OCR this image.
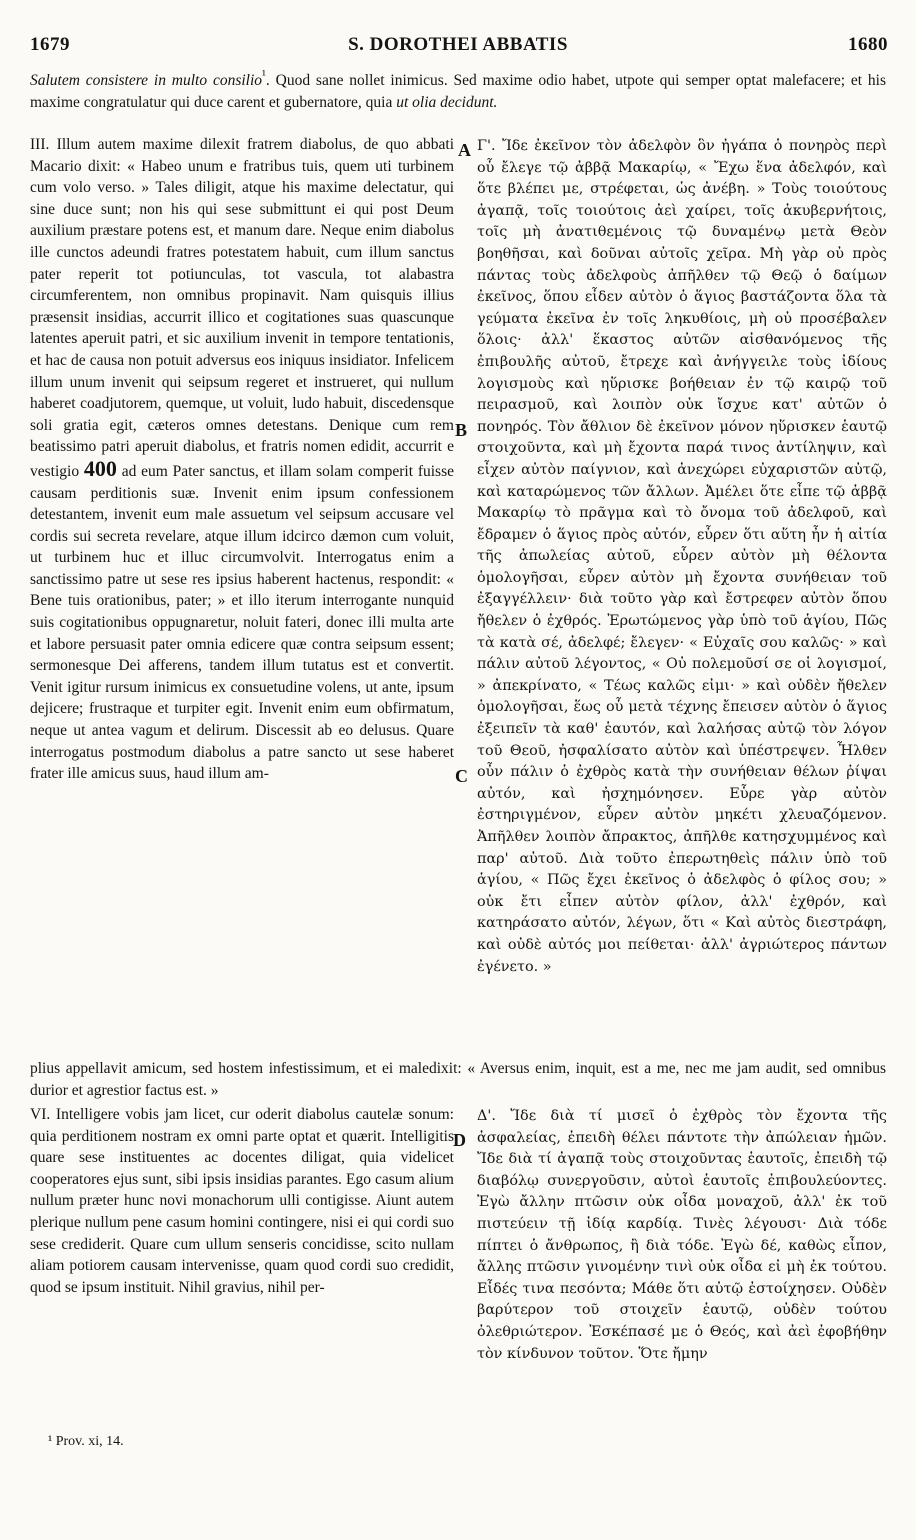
1679	S. DOROTHEI ABBATIS	1680

Salutem consistere in multo consilio$^{^1}$. Quod sane nollet inimicus. Sed maxime odio habet, utpote qui semper optat malefacere; et his maxime congratulatur qui duce carent et gubernatore, quia ut olia decidunt.

III. Illum autem maxime dilexit fratrem diabolus, de quo abbati Macario dixit: « Habeo unum e fratribus tuis, quem uti turbinem cum volo verso. » Tales diligit, atque his maxime delectatur, qui sine duce sunt; non his qui sese submittunt ei qui post Deum auxilium præstare potens est, et manum dare. Neque enim diabolus ille cunctos adeundi fratres potestatem habuit, cum illum sanctus pater reperit tot potiunculas, tot vascula, tot alabastra circumferentem, non omnibus propinavit. Nam quisquis illius præsensit insidias, accurrit illico et cogitationes suas quascunque latentes aperuit patri, et sic auxilium invenit in tempore tentationis, et hac de causa non potuit adversus eos iniquus insidiator. Infelicem illum unum invenit qui seipsum regeret et instrueret, qui nullum haberet coadjutorem, quemque, ut voluit, ludo habuit, discedensque soli gratia egit, cæteros omnes detestans. Denique cum rem beatissimo patri aperuit diabolus, et fratris nomen edidit, accurrit e vestigio 400 ad eum Pater sanctus, et illam solam comperit fuisse causam perditionis suæ. Invenit enim ipsum confessionem detestantem, invenit eum male assuetum vel seipsum accusare vel cordis sui secreta revelare, atque illum idcirco dæmon cum voluit, ut turbinem huc et illuc circumvolvit. Interrogatus enim a sanctissimo patre ut sese res ipsius haberent hactenus, respondit: « Bene tuis orationibus, pater; » et illo iterum interrogante nunquid suis cogitationibus oppugnaretur, noluit fateri, donec illi multa arte et labore persuasit pater omnia edicere quæ contra seipsum essent; sermonesque Dei afferens, tandem illum tutatus est et convertit. Venit igitur rursum inimicus ex consuetudine volens, ut ante, ipsum dejicere; frustraque et turpiter egit. Invenit enim eum obfirmatum, neque ut antea vagum et delirum. Discessit ab eo delusus. Quare interrogatus postmodum diabolus a patre sancto ut sese haberet frater ille amicus suus, haud illum am-

Γ'. Ἴδε ἐκεῖνον τὸν ἀδελφὸν ὃν ἠγάπα ὁ πονηρὸς περὶ οὗ ἔλεγε τῷ ἀββᾷ Μακαρίῳ, « Ἔχω ἕνα ἀδελφόν, καὶ ὅτε βλέπει με, στρέφεται, ὡς ἀνέβη. » Τοὺς τοιούτους ἀγαπᾷ, τοῖς τοιούτοις ἀεὶ χαίρει, τοῖς ἀκυβερνήτοις, τοῖς μὴ ἀνατιθεμένοις τῷ δυναμένῳ μετὰ Θεὸν βοηθῆσαι, καὶ δοῦναι αὐτοῖς χεῖρα. Μὴ γὰρ οὐ πρὸς πάντας τοὺς ἀδελφοὺς ἀπῆλθεν τῷ Θεῷ ὁ δαίμων ἐκεῖνος, ὅπου εἶδεν αὐτὸν ὁ ἅγιος βαστάζοντα ὅλα τὰ γεύματα ἐκεῖνα ἐν τοῖς ληκυθίοις, μὴ οὐ προσέβαλεν ὅλοις· ἀλλ' ἕκαστος αὐτῶν αἰσθανόμενος τῆς ἐπιβουλῆς αὐτοῦ, ἔτρεχε καὶ ἀνήγγειλε τοὺς ἰδίους λογισμοὺς καὶ ηὕρισκε βοήθειαν ἐν τῷ καιρῷ τοῦ πειρασμοῦ, καὶ λοιπὸν οὐκ ἴσχυε κατ' αὐτῶν ὁ πονηρός. Τὸν ἄθλιον δὲ ἐκεῖνον μόνον ηὕρισκεν ἑαυτῷ στοιχοῦντα, καὶ μὴ ἔχοντα παρά τινος ἀντίληψιν, καὶ εἶχεν αὐτὸν παίγνιον, καὶ ἀνεχώρει εὐχαριστῶν αὐτῷ, καὶ καταρώμενος τῶν ἄλλων. Ἀμέλει ὅτε εἶπε τῷ ἀββᾷ Μακαρίῳ τὸ πρᾶγμα καὶ τὸ ὄνομα τοῦ ἀδελφοῦ, καὶ ἔδραμεν ὁ ἅγιος πρὸς αὐτόν, εὗρεν ὅτι αὕτη ἦν ἡ αἰτία τῆς ἀπωλείας αὐτοῦ, εὗρεν αὐτὸν μὴ θέλοντα ὁμολογῆσαι, εὗρεν αὐτὸν μὴ ἔχοντα συνήθειαν τοῦ ἐξαγγέλλειν· διὰ τοῦτο γὰρ καὶ ἔστρεφεν αὐτὸν ὅπου ἤθελεν ὁ ἐχθρός. Ἐρωτώμενος γὰρ ὑπὸ τοῦ ἁγίου, Πῶς τὰ κατὰ σέ, ἀδελφέ; ἔλεγεν· « Εὐχαῖς σου καλῶς· » καὶ πάλιν αὐτοῦ λέγοντος, « Οὐ πολεμοῦσί σε οἱ λογισμοί, » ἀπεκρίνατο, « Τέως καλῶς εἰμι· » καὶ οὐδὲν ἤθελεν ὁμολογῆσαι, ἕως οὗ μετὰ τέχνης ἔπεισεν αὐτὸν ὁ ἅγιος ἐξειπεῖν τὰ καθ' ἑαυτόν, καὶ λαλήσας αὐτῷ τὸν λόγον τοῦ Θεοῦ, ἠσφαλίσατο αὐτὸν καὶ ὑπέστρεψεν. Ἦλθεν οὖν πάλιν ὁ ἐχθρὸς κατὰ τὴν συνήθειαν θέλων ῥίψαι αὐτόν, καὶ ἠσχημόνησεν. Εὗρε γὰρ αὐτὸν ἐστηριγμένον, εὗρεν αὐτὸν μηκέτι χλευαζόμενον. Ἀπῆλθεν λοιπὸν ἄπρακτος, ἀπῆλθε κατησχυμμένος καὶ παρ' αὐτοῦ. Διὰ τοῦτο ἐπερωτηθεὶς πάλιν ὑπὸ τοῦ ἁγίου, « Πῶς ἔχει ἐκεῖνος ὁ ἀδελφὸς ὁ φίλος σου; » οὐκ ἔτι εἶπεν αὐτὸν φίλον, ἀλλ' ἐχθρόν, καὶ κατηράσατο αὐτόν, λέγων, ὅτι « Καὶ αὐτὸς διεστράφη, καὶ οὐδὲ αὐτός μοι πείθεται· ἀλλ' ἀγριώτερος πάντων ἐγένετο. »

plius appellavit amicum, sed hostem infestissimum, et ei maledixit: « Aversus enim, inquit, est a me, nec me jam audit, sed omnibus durior et agrestior factus est. »

VI. Intelligere vobis jam licet, cur oderit diabolus cautelæ sonum: quia perditionem nostram ex omni parte optat et quærit. Intelligitis quare sese instituentes ac docentes diligat, quia videlicet cooperatores ejus sunt, sibi ipsis insidias parantes. Ego casum alium nullum præter hunc novi monachorum ulli contigisse. Aiunt autem plerique nullum pene casum homini contingere, nisi ei qui cordi suo sese crediderit. Quare cum ullum senseris concidisse, scito nullam aliam potiorem causam intervenisse, quam quod cordi suo credidit, quod se ipsum instituit. Nihil gravius, nihil per-

Δ'. Ἴδε διὰ τί μισεῖ ὁ ἐχθρὸς τὸν ἔχοντα τῆς ἀσφαλείας, ἐπειδὴ θέλει πάντοτε τὴν ἀπώλειαν ἡμῶν. Ἴδε διὰ τί ἀγαπᾷ τοὺς στοιχοῦντας ἑαυτοῖς, ἐπειδὴ τῷ διαβόλῳ συνεργοῦσιν, αὐτοὶ ἑαυτοῖς ἐπιβουλεύοντες. Ἐγὼ ἄλλην πτῶσιν οὐκ οἶδα μοναχοῦ, ἀλλ' ἐκ τοῦ πιστεύειν τῇ ἰδίᾳ καρδίᾳ. Τινὲς λέγουσι· Διὰ τόδε πίπτει ὁ ἄνθρωπος, ἢ διὰ τόδε. Ἐγὼ δέ, καθὼς εἶπον, ἄλλης πτῶσιν γινομένην τινὶ οὐκ οἶδα εἰ μὴ ἐκ τούτου. Εἶδές τινα πεσόντα; Μάθε ὅτι αὐτῷ ἐστοίχησεν. Οὐδὲν βαρύτερον τοῦ στοιχεῖν ἑαυτῷ, οὐδὲν τούτου ὀλεθριώτερον. Ἐσκέπασέ με ὁ Θεός, καὶ ἀεὶ ἐφοβήθην τὸν κίνδυνον τοῦτον. Ὅτε ἤμην

A
B
C
D
¹ Prov. xi, 14.
